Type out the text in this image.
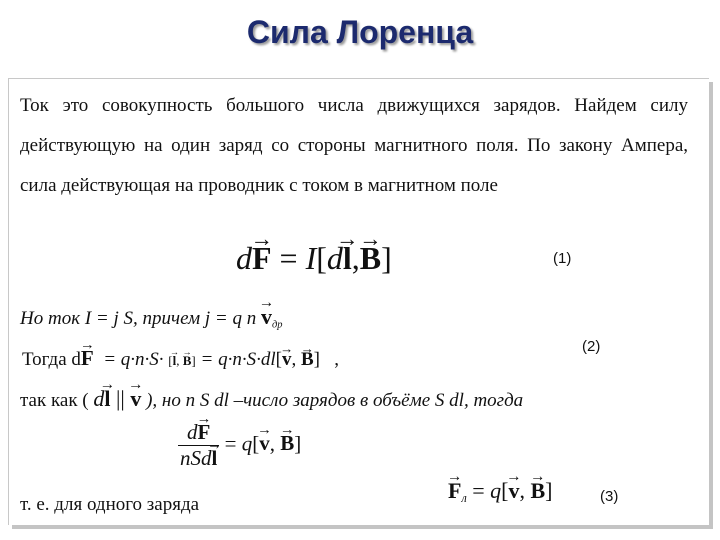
Сила Лоренца
Ток это совокупность большого числа движущихся зарядов. Найдем силу действующую на один заряд со стороны магнитного поля. По закону Ампера, сила действующая на проводник с током в магнитном поле
d→ F = I[d→ l,→ B]	(1)
Но ток I = j S, причем j = q $n \to v_{др}$
Тогда d→ F = q·n·S· [→ l, → B] = q·n·S·dl[→ v, → B]   ,
(2)
так как ( d→ l || → v ), но n S dl –число зарядов в объёме S dl, тогда
$\frac{d\to F}{\text{nSd→ l}} = q[\to v$, → B]
т. е. для одного заряда
→ $F_л = q[\to v$, → B]	(3)
